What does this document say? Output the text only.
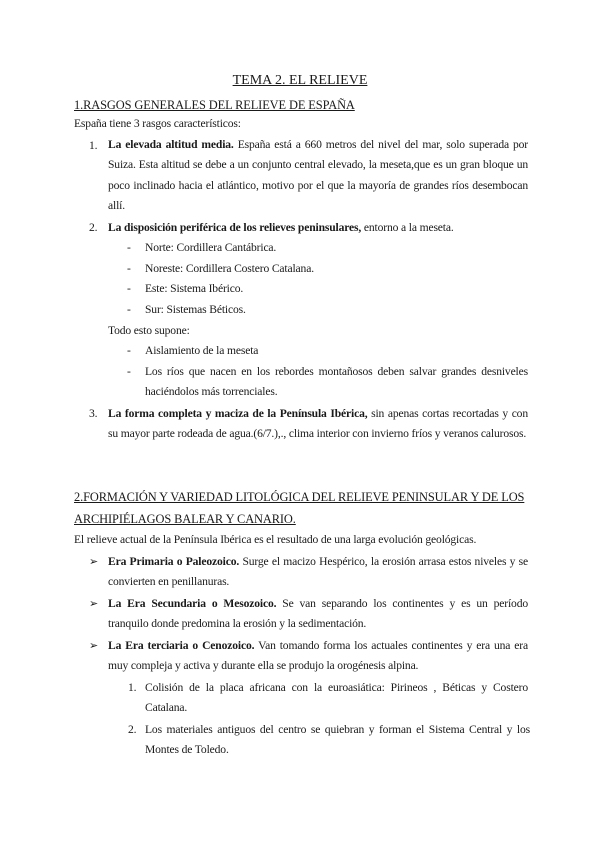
TEMA 2. EL RELIEVE
1.RASGOS GENERALES DEL RELIEVE DE ESPAÑA
España tiene 3 rasgos característicos:
1. La elevada altitud media. España está a 660 metros del nivel del mar, solo superada por Suiza. Esta altitud se debe a un conjunto central elevado, la meseta,que es un gran bloque un poco inclinado hacia el atlántico, motivo por el que la mayoría de grandes ríos desembocan allí.
2. La disposición periférica de los relieves peninsulares, entorno a la meseta.
- Norte: Cordillera Cantábrica.
- Noreste: Cordillera Costero Catalana.
- Este: Sistema Ibérico.
- Sur: Sistemas Béticos.
Todo esto supone:
- Aislamiento de la meseta
- Los ríos que nacen en los rebordes montañosos deben salvar grandes desniveles haciéndolos más torrenciales.
3. La forma completa y maciza de la Península Ibérica, sin apenas cortas recortadas y con su mayor parte rodeada de agua.(6/7.),., clima interior con invierno fríos y veranos calurosos.
2.FORMACIÓN Y VARIEDAD LITOLÓGICA DEL RELIEVE PENINSULAR Y DE LOS ARCHIPIÉLAGOS BALEAR Y CANARIO.
El relieve actual de la Península Ibérica es el resultado de una larga evolución geológicas.
➢ Era Primaria o Paleozoico. Surge el macizo Hespérico, la erosión arrasa estos niveles y se convierten en penillanuras.
➢ La Era Secundaria o Mesozoico. Se van separando los continentes y es un período tranquilo donde predomina la erosión y la sedimentación.
➢ La Era terciaria o Cenozoico. Van tomando forma los actuales continentes y era una era muy compleja y activa y durante ella se produjo la orogénesis alpina.
1. Colisión de la placa africana con la euroasiática: Pirineos , Béticas y Costero Catalana.
2. Los materiales antiguos del centro se quiebran y forman el Sistema Central y los Montes de Toledo.
